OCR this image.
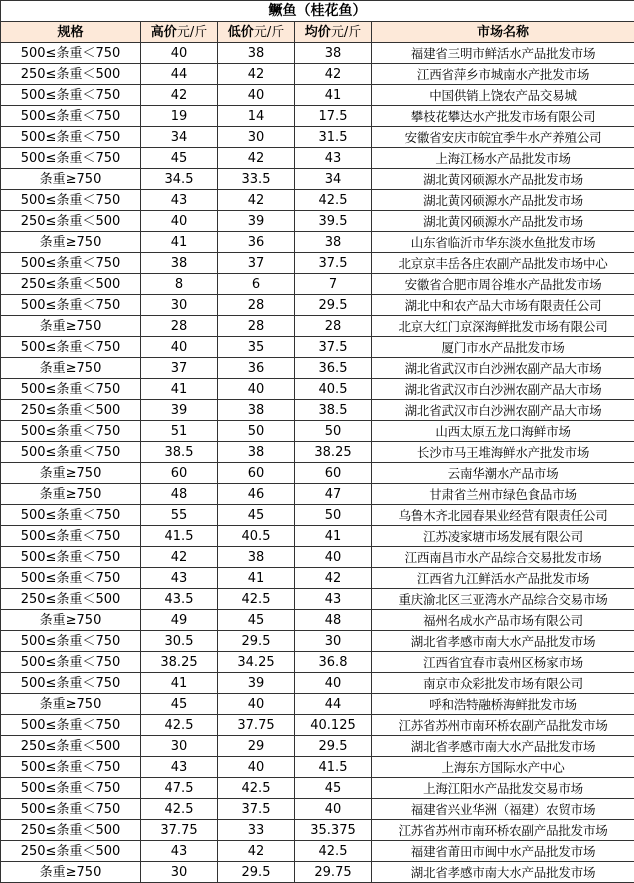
鳜鱼（桂花鱼）				
规格	高价元/斤	低价元/斤	均价元/斤	市场名称
500≤条重＜750	40	38	38	福建省三明市鲜活水产品批发市场
250≤条重＜500	44	42	42	江西省萍乡市城南水产批发市场
500≤条重＜750	42	40	41	中国供销上饶农产品交易城
500≤条重＜750	19	14	17.5	攀枝花攀达水产批发市场有限公司
500≤条重＜750	34	30	31.5	安徽省安庆市皖宜季牛水产养殖公司
500≤条重＜750	45	42	43	上海江杨水产品批发市场
条重≥750	34.5	33.5	34	湖北黄冈硕源水产品批发市场
500≤条重＜750	43	42	42.5	湖北黄冈硕源水产品批发市场
250≤条重＜500	40	39	39.5	湖北黄冈硕源水产品批发市场
条重≥750	41	36	38	山东省临沂市华东淡水鱼批发市场
500≤条重＜750	38	37	37.5	北京京丰岳各庄农副产品批发市场中心
250≤条重＜500	8	6	7	安徽省合肥市周谷堆水产品批发市场
500≤条重＜750	30	28	29.5	湖北中和农产品大市场有限责任公司
条重≥750	28	28	28	北京大红门京深海鲜批发市场有限公司
500≤条重＜750	40	35	37.5	厦门市水产品批发市场
条重≥750	37	36	36.5	湖北省武汉市白沙洲农副产品大市场
500≤条重＜750	41	40	40.5	湖北省武汉市白沙洲农副产品大市场
250≤条重＜500	39	38	38.5	湖北省武汉市白沙洲农副产品大市场
500≤条重＜750	51	50	50	山西太原五龙口海鲜市场
500≤条重＜750	38.5	38	38.25	长沙市马王堆海鲜水产批发市场
条重≥750	60	60	60	云南华潮水产品市场
条重≥750	48	46	47	甘肃省兰州市绿色食品市场
500≤条重＜750	55	45	50	乌鲁木齐北园春果业经营有限责任公司
500≤条重＜750	41.5	40.5	41	江苏凌家塘市场发展有限公司
500≤条重＜750	42	38	40	江西南昌市水产品综合交易批发市场
500≤条重＜750	43	41	42	江西省九江鲜活水产品批发市场
250≤条重＜500	43.5	42.5	43	重庆渝北区三亚湾水产品综合交易市场
条重≥750	49	45	48	福州名成水产品市场有限公司
500≤条重＜750	30.5	29.5	30	湖北省孝感市南大水产品批发市场
500≤条重＜750	38.25	34.25	36.8	江西省宜春市袁州区杨家市场
500≤条重＜750	41	39	40	南京市众彩批发市场有限公司
条重≥750	45	40	44	呼和浩特融桥海鲜批发市场
500≤条重＜750	42.5	37.75	40.125	江苏省苏州市南环桥农副产品批发市场
250≤条重＜500	30	29	29.5	湖北省孝感市南大水产品批发市场
500≤条重＜750	43	40	41.5	上海东方国际水产中心
500≤条重＜750	47.5	42.5	45	上海江阳水产品批发交易市场
500≤条重＜750	42.5	37.5	40	福建省兴业华洲（福建）农贸市场
250≤条重＜500	37.75	33	35.375	江苏省苏州市南环桥农副产品批发市场
250≤条重＜500	43	42	42.5	福建省莆田市闽中水产品批发市场
条重≥750	30	29.5	29.75	湖北省孝感市南大水产品批发市场
